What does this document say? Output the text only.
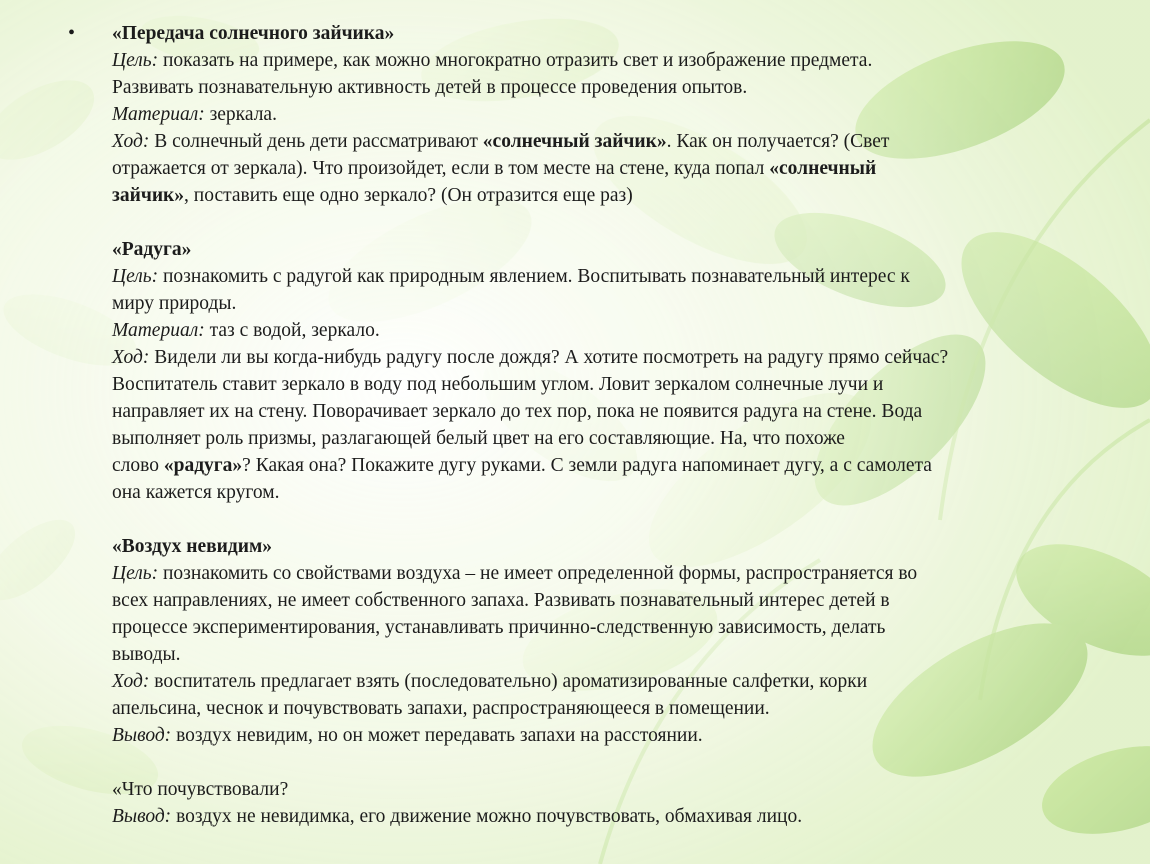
• «Передача солнечного зайчика»
Цель: показать на примере, как можно многократно отразить свет и изображение предмета.
Развивать познавательную активность детей в процессе проведения опытов.
Материал: зеркала.
Ход: В солнечный день дети рассматривают «солнечный зайчик». Как он получается? (Свет
отражается от зеркала). Что произойдет, если в том месте на стене, куда попал «солнечный
зайчик», поставить еще одно зеркало? (Он отразится еще раз)
«Радуга»
Цель: познакомить с радугой как природным явлением. Воспитывать познавательный интерес к
миру природы.
Материал: таз с водой, зеркало.
Ход: Видели ли вы когда-нибудь радугу после дождя? А хотите посмотреть на радугу прямо сейчас?
Воспитатель ставит зеркало в воду под небольшим углом. Ловит зеркалом солнечные лучи и
направляет их на стену. Поворачивает зеркало до тех пор, пока не появится радуга на стене. Вода
выполняет роль призмы, разлагающей белый цвет на его составляющие. На, что похоже
слово «радуга»? Какая она? Покажите дугу руками. С земли радуга напоминает дугу, а с самолета
она кажется кругом.
«Воздух невидим»
Цель: познакомить со свойствами воздуха – не имеет определенной формы, распространяется во
всех направлениях, не имеет собственного запаха. Развивать познавательный интерес детей в
процессе экспериментирования, устанавливать причинно-следственную зависимость, делать
выводы.
Ход: воспитатель предлагает взять (последовательно) ароматизированные салфетки, корки
апельсина, чеснок и почувствовать запахи, распространяющееся в помещении.
Вывод: воздух невидим, но он может передавать запахи на расстоянии.
«Что почувствовали?
Вывод: воздух не невидимка, его движение можно почувствовать, обмахивая лицо.
